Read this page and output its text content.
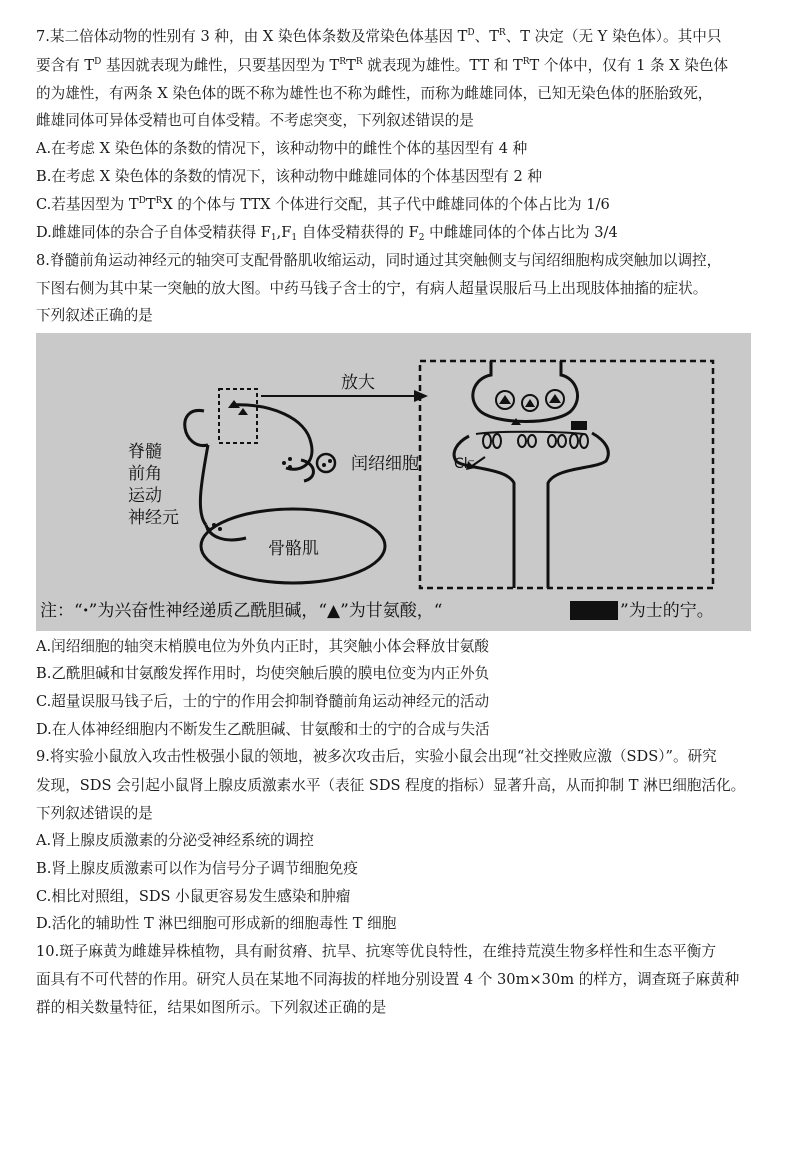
7.某二倍体动物的性别有 3 种，由 X 染色体条数及常染色体基因 $T^D$、$T^R$、T 决定（无 Y 染色体）。其中只
要含有 $T^D$ 基因就表现为雌性，只要基因型为 $T^RT^R$ 就表现为雄性。TT 和 $T^RT$ 个体中，仅有 1 条 X 染色体
的为雄性，有两条 X 染色体的既不称为雄性也不称为雌性，而称为雌雄同体，已知无染色体的胚胎致死，
雌雄同体可异体受精也可自体受精。不考虑突变，下列叙述错误的是
A.在考虑 X 染色体的条数的情况下，该种动物中的雌性个体的基因型有 4 种
B.在考虑 X 染色体的条数的情况下，该种动物中雌雄同体的个体基因型有 2 种
C.若基因型为 $T^DT^RX$ 的个体与 TTX 个体进行交配，其子代中雌雄同体的个体占比为 1/6
D.雌雄同体的杂合子自体受精获得 $F_1,F_1$ 自体受精获得的 $F_2$ 中雌雄同体的个体占比为 3/4
8.脊髓前角运动神经元的轴突可支配骨骼肌收缩运动，同时通过其突触侧支与闰绍细胞构成突触加以调控，
下图右侧为其中某一突触的放大图。中药马钱子含士的宁，有病人超量误服后马上出现肢体抽搐的症状。
下列叙述正确的是
放大
脊髓
前角
运动
神经元
闰绍细胞
骨骼肌
Cl⁻
注：“·”为兴奋性神经递质乙酰胆碱，“▲”为甘氨酸，“	”为士的宁。
A.闰绍细胞的轴突末梢膜电位为外负内正时，其突触小体会释放甘氨酸
B.乙酰胆碱和甘氨酸发挥作用时，均使突触后膜的膜电位变为内正外负
C.超量误服马钱子后，士的宁的作用会抑制脊髓前角运动神经元的活动
D.在人体神经细胞内不断发生乙酰胆碱、甘氨酸和士的宁的合成与失活
9.将实验小鼠放入攻击性极强小鼠的领地，被多次攻击后，实验小鼠会出现“社交挫败应激（SDS）”。研究
发现，SDS 会引起小鼠肾上腺皮质激素水平（表征 SDS 程度的指标）显著升高，从而抑制 T 淋巴细胞活化。
下列叙述错误的是
A.肾上腺皮质激素的分泌受神经系统的调控
B.肾上腺皮质激素可以作为信号分子调节细胞免疫
C.相比对照组，SDS 小鼠更容易发生感染和肿瘤
D.活化的辅助性 T 淋巴细胞可形成新的细胞毒性 T 细胞
10.斑子麻黄为雌雄异株植物，具有耐贫瘠、抗旱、抗寒等优良特性，在维持荒漠生物多样性和生态平衡方
面具有不可代替的作用。研究人员在某地不同海拔的样地分别设置 4 个 30m×30m 的样方，调查斑子麻黄种
群的相关数量特征，结果如图所示。下列叙述正确的是
